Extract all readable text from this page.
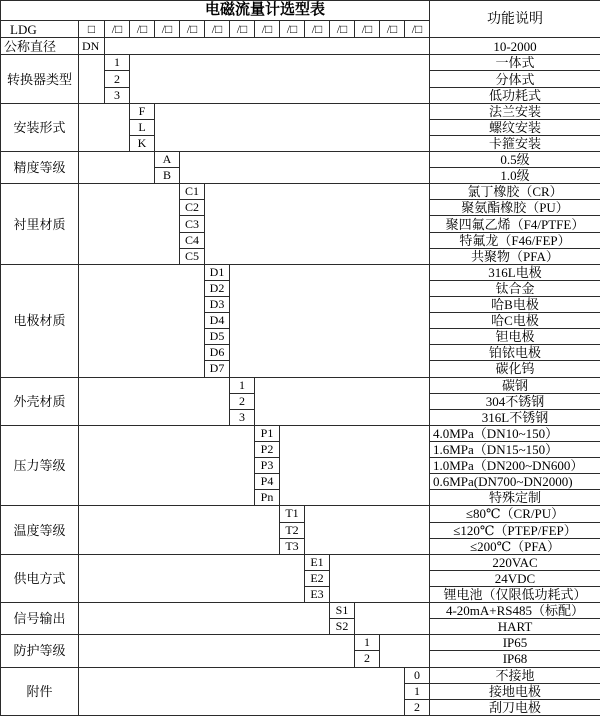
电磁流量计选型表															功能说明
LDG	□	/□	/□	/□	/□	/□	/□	/□	/□	/□	/□	/□	/□	/□	
公称直径	DN														10-2000
转换器类型		1													一体式
		2													分体式
		3													低功耗式
安装形式			F												法兰安装
			L												螺纹安装
			K												卡箍安装
精度等级				A											0.5级
				B											1.0级
衬里材质					C1										氯丁橡胶（CR）
					C2										聚氨酯橡胶（PU）
					C3										聚四氟乙烯（F4/PTFE）
					C4										特氟龙（F46/FEP）
					C5										共聚物（PFA）
电极材质						D1									316L电极
						D2									钛合金
						D3									哈B电极
						D4									哈C电极
						D5									钽电极
						D6									铂铱电极
						D7									碳化钨
外壳材质							1								碳钢
							2								304不锈钢
							3								316L不锈钢
压力等级								P1							4.0MPa（DN10~150）
								P2							1.6MPa（DN15~150）
								P3							1.0MPa（DN200~DN600）
								P4							0.6MPa(DN700~DN2000)
								Pn							特殊定制
温度等级									T1						≤80℃（CR/PU）
									T2						≤120℃（PTEP/FEP）
									T3						≤200℃（PFA）
供电方式										E1					220VAC
										E2					24VDC
										E3					锂电池（仅限低功耗式）
信号输出											S1				4-20mA+RS485（标配）
											S2				HART
防护等级												1			IP65
												2			IP68
附件														0	不接地
														1	接地电极
														2	刮刀电极
